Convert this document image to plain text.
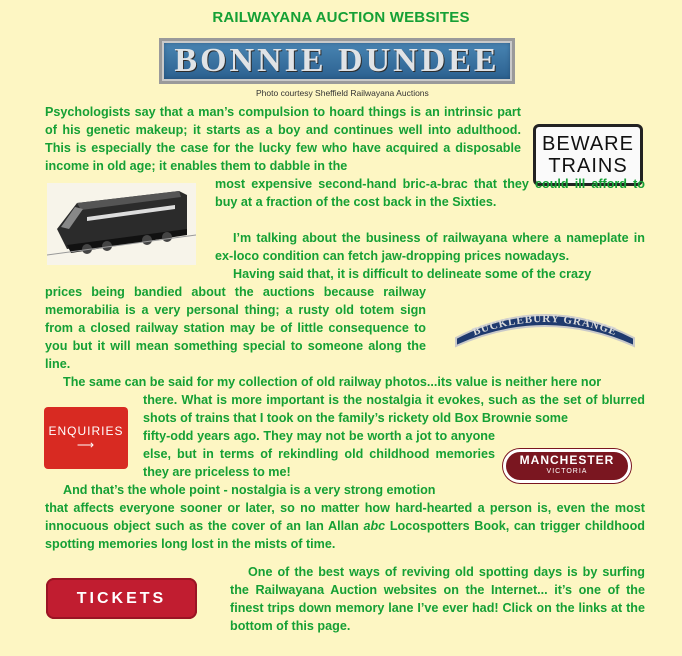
RAILWAYANA AUCTION WEBSITES
BONNIE DUNDEE
Photo courtesy Sheffield Railwayana Auctions
BEWARE
TRAINS
BUCKLEBURY GRANGE
ENQUIRIES
⟶
MANCHESTER
VICTORIA
TICKETS

Psychologists say that a man’s compulsion to hoard things is an intrinsic part of his genetic makeup; it starts as a boy and continues well into adulthood. This is especially the case for the lucky few who have acquired a disposable income in old age; it enables them to dabble in the

most expensive second-hand bric-a-brac that they could ill afford to buy at a fraction of the cost back in the Sixties.

I’m talking about the business of railwayana where a nameplate in ex-loco condition can fetch jaw-dropping prices nowadays.

Having said that, it is difficult to delineate some of the crazy

prices being bandied about the auctions because railway memorabilia is a very personal thing; a rusty old totem sign from a closed railway station may be of little consequence to you but it will mean something special to someone along the line.

The same can be said for my collection of old railway photos...its value is neither here nor

there. What is more important is the nostalgia it evokes, such as the set of blurred shots of trains that I took on the family’s rickety old Box Brownie some

fifty-odd years ago. They may not be worth a jot to anyone else, but in terms of rekindling old childhood memories they are priceless to me!

And that’s the whole point - nostalgia is a very strong emotion

that affects everyone sooner or later, so no matter how hard-hearted a person is, even the most innocuous object such as the cover of an Ian Allan abc Locospotters Book, can trigger childhood spotting memories long lost in the mists of time.

One of the best ways of reviving old spotting days is by surfing the Railwayana Auction websites on the Internet... it’s one of the finest trips down memory lane I’ve ever had! Click on the links at the bottom of this page.
